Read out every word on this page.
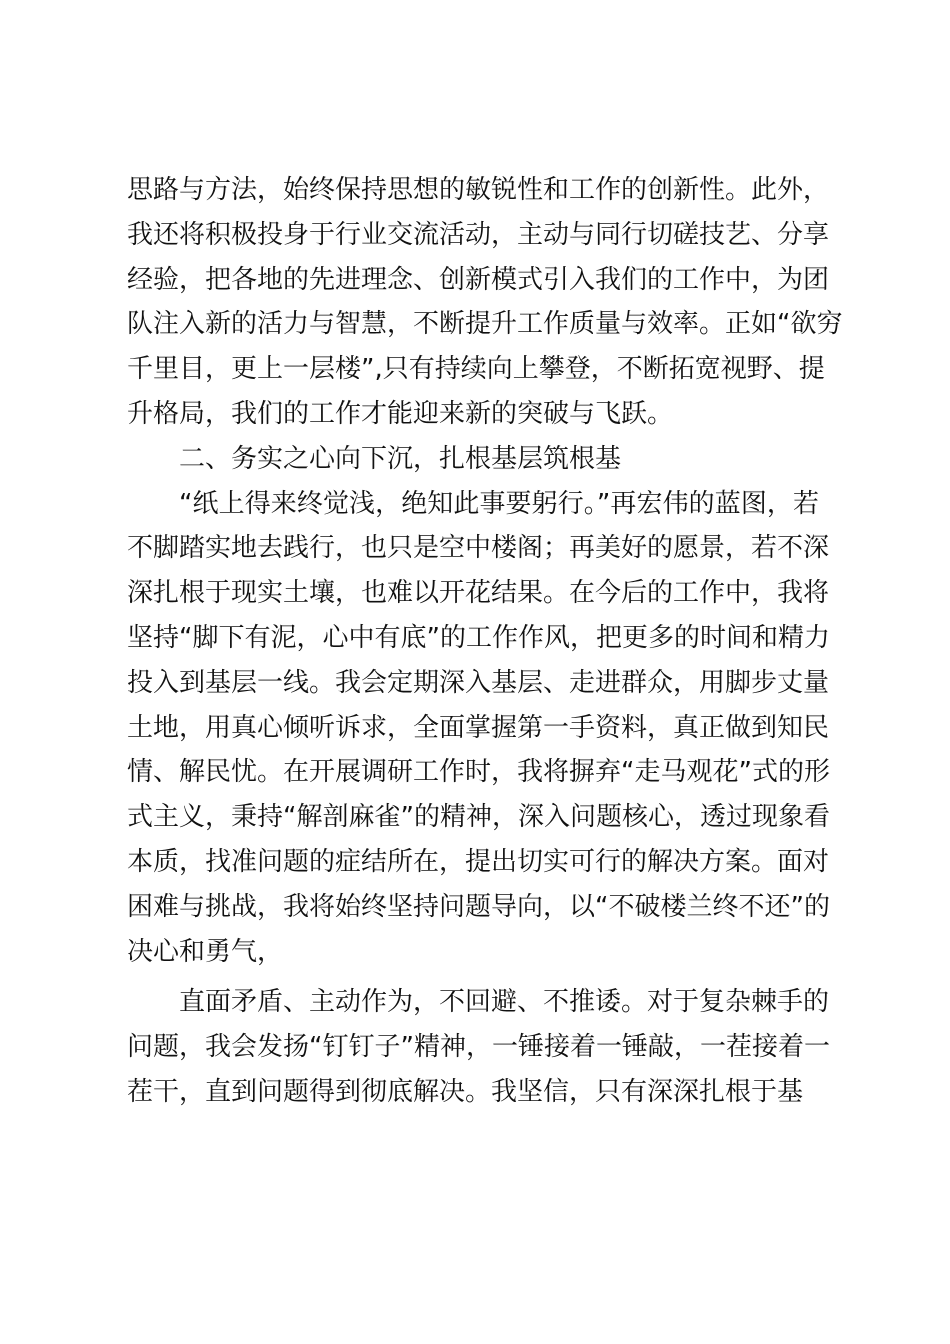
思路与方法，始终保持思想的敏锐性和工作的创新性。此外，
我还将积极投身于行业交流活动，主动与同行切磋技艺、分享
经验，把各地的先进理念、创新模式引入我们的工作中，为团
队注入新的活力与智慧，不断提升工作质量与效率。正如“欲穷
千里目，更上一层楼”,只有持续向上攀登，不断拓宽视野、提
升格局，我们的工作才能迎来新的突破与飞跃。
二、务实之心向下沉，扎根基层筑根基
“纸上得来终觉浅，绝知此事要躬行。”再宏伟的蓝图，若
不脚踏实地去践行，也只是空中楼阁；再美好的愿景，若不深
深扎根于现实土壤，也难以开花结果。在今后的工作中，我将
坚持“脚下有泥，心中有底”的工作作风，把更多的时间和精力
投入到基层一线。我会定期深入基层、走进群众，用脚步丈量
土地，用真心倾听诉求，全面掌握第一手资料，真正做到知民
情、解民忧。在开展调研工作时，我将摒弃“走马观花”式的形
式主义，秉持“解剖麻雀”的精神，深入问题核心，透过现象看
本质，找准问题的症结所在，提出切实可行的解决方案。面对
困难与挑战，我将始终坚持问题导向，以“不破楼兰终不还”的
决心和勇气，
直面矛盾、主动作为，不回避、不推诿。对于复杂棘手的
问题，我会发扬“钉钉子”精神，一锤接着一锤敲，一茬接着一
茬干，直到问题得到彻底解决。我坚信，只有深深扎根于基
